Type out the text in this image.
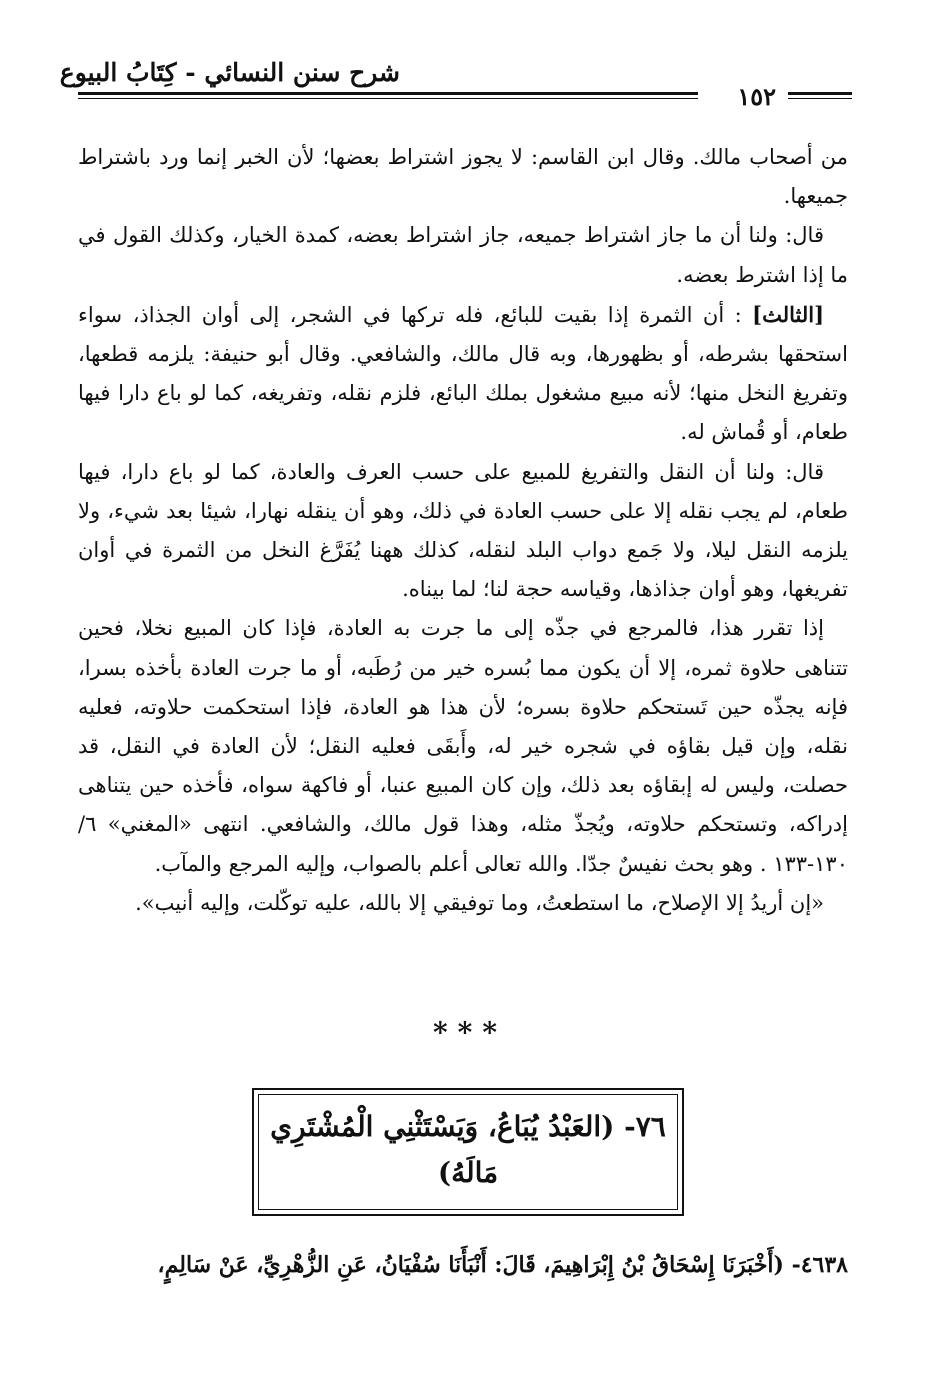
شرح سنن النسائي - كِتَابُ البيوع
١٥٢

من أصحاب مالك. وقال ابن القاسم: لا يجوز اشتراط بعضها؛ لأن الخبر إنما ورد باشتراط جميعها.

قال: ولنا أن ما جاز اشتراط جميعه، جاز اشتراط بعضه، كمدة الخيار، وكذلك القول في ما إذا اشترط بعضه.

[الثالث] : أن الثمرة إذا بقيت للبائع، فله تركها في الشجر، إلى أوان الجذاذ، سواء استحقها بشرطه، أو بظهورها، وبه قال مالك، والشافعي. وقال أبو حنيفة: يلزمه قطعها، وتفريغ النخل منها؛ لأنه مبيع مشغول بملك البائع، فلزم نقله، وتفريغه، كما لو باع دارا فيها طعام، أو قُماش له.

قال: ولنا أن النقل والتفريغ للمبيع على حسب العرف والعادة، كما لو باع دارا، فيها طعام، لم يجب نقله إلا على حسب العادة في ذلك، وهو أن ينقله نهارا، شيئا بعد شيء، ولا يلزمه النقل ليلا، ولا جَمع دواب البلد لنقله، كذلك ههنا يُفَرَّغ النخل من الثمرة في أوان تفريغها، وهو أوان جذاذها، وقياسه حجة لنا؛ لما بيناه.

إذا تقرر هذا، فالمرجع في جذّه إلى ما جرت به العادة، فإذا كان المبيع نخلا، فحين تتناهى حلاوة ثمره، إلا أن يكون مما بُسره خير من رُطَبه، أو ما جرت العادة بأخذه بسرا، فإنه يجذّه حين تَستحكم حلاوة بسره؛ لأن هذا هو العادة، فإذا استحكمت حلاوته، فعليه نقله، وإن قيل بقاؤه في شجره خير له، وأَبقَى فعليه النقل؛ لأن العادة في النقل، قد حصلت، وليس له إبقاؤه بعد ذلك، وإن كان المبيع عنبا، أو فاكهة سواه، فأخذه حين يتناهى إدراكه، وتستحكم حلاوته، ويُجذّ مثله، وهذا قول مالك، والشافعي. انتهى «المغني» ٦/ ١٣٠-١٣٣ . وهو بحث نفيسٌ جدّا. والله تعالى أعلم بالصواب، وإليه المرجع والمآب.

«إن أريدُ إلا الإصلاح، ما استطعتُ، وما توفيقي إلا بالله، عليه توكّلت، وإليه أنيب».

***
٧٦- (العَبْدُ يُبَاعُ، وَيَسْتَثْنِي الْمُشْتَرِي مَالَهُ)
٤٦٣٨- (أَخْبَرَنَا إِسْحَاقُ بْنُ إِبْرَاهِيمَ، قَالَ: أَنْبَأَنَا سُفْيَانُ، عَنِ الزُّهْرِيِّ، عَنْ سَالِمٍ،
